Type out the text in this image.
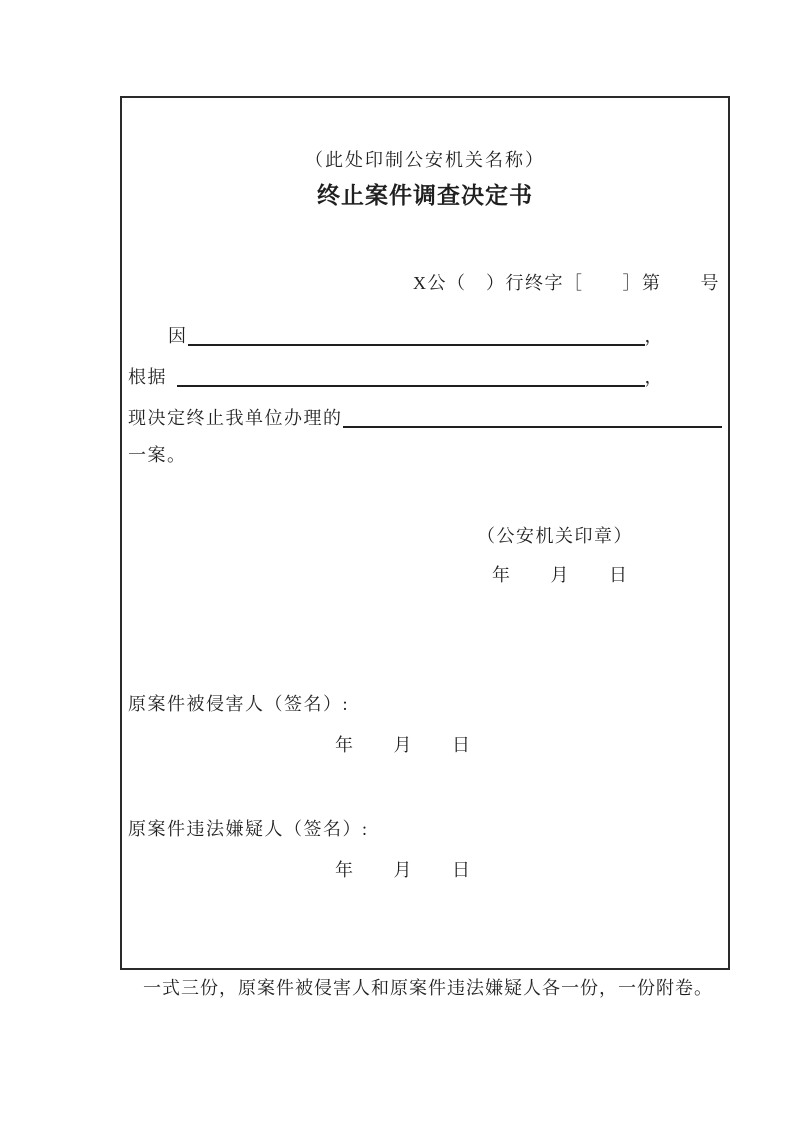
（此处印制公安机关名称）
终止案件调查决定书
X公（　）行终字［　　］第　　号
因	，
根据	，
现决定终止我单位办理的
一案。
（公安机关印章）
年　　月　　日
原案件被侵害人（签名）:
年　　月　　日
原案件违法嫌疑人（签名）:
年　　月　　日
一式三份，原案件被侵害人和原案件违法嫌疑人各一份，一份附卷。
